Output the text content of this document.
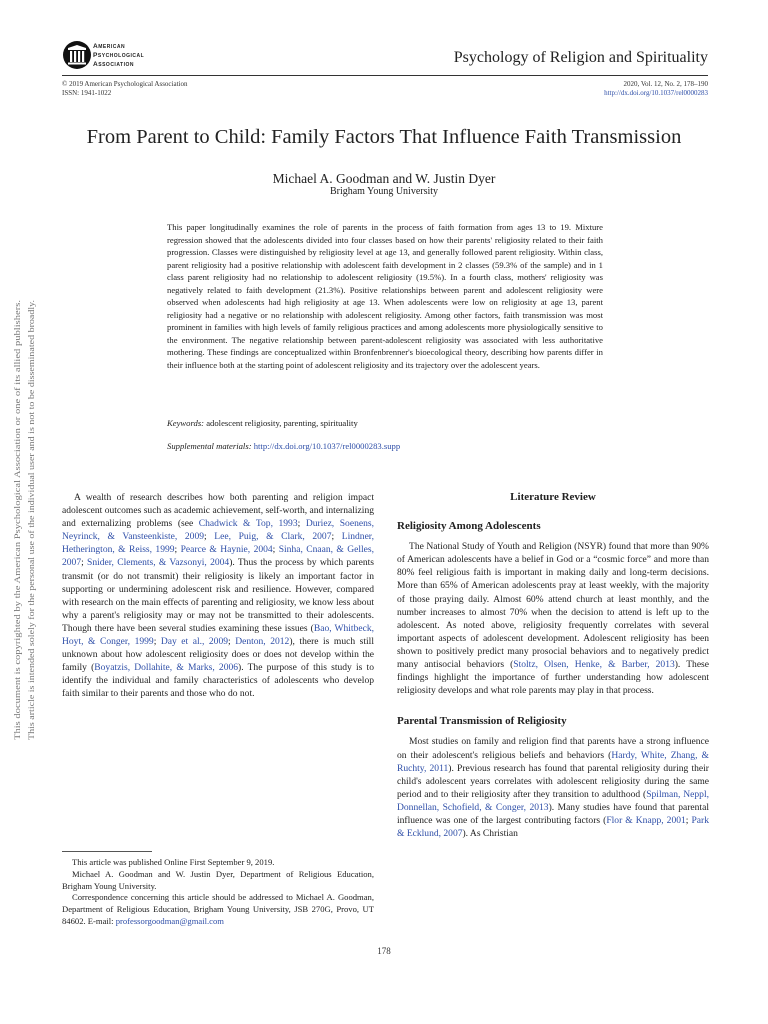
American
Psychological
Association	Psychology of Religion and Spirituality
© 2019 American Psychological Association
ISSN: 1941-1022
2020, Vol. 12, No. 2, 178–190
http://dx.doi.org/10.1037/rel0000283
From Parent to Child: Family Factors That Influence Faith Transmission
Michael A. Goodman and W. Justin Dyer
Brigham Young University
This paper longitudinally examines the role of parents in the process of faith formation from ages 13 to 19. Mixture regression showed that the adolescents divided into four classes based on how their parents' religiosity related to their faith progression. Classes were distinguished by religiosity level at age 13, and generally followed parent religiosity. Within class, parent religiosity had a positive relationship with adolescent faith development in 2 classes (59.3% of the sample) and in 1 class parent religiosity had no relationship to adolescent religiosity (19.5%). In a fourth class, mothers' religiosity was negatively related to faith development (21.3%). Positive relationships between parent and adolescent religiosity were observed when adolescents had high religiosity at age 13. When adolescents were low on religiosity at age 13, parent religiosity had a negative or no relationship with adolescent religiosity. Among other factors, faith transmission was most prominent in families with high levels of family religious practices and among adolescents more physiologically sensitive to the environment. The negative relationship between parent-adolescent religiosity was associated with less authoritative mothering. These findings are conceptualized within Bronfenbrenner's bioecological theory, describing how parents differ in their influence both at the starting point of adolescent religiosity and its trajectory over the adolescent years.
Keywords: adolescent religiosity, parenting, spirituality
Supplemental materials: http://dx.doi.org/10.1037/rel0000283.supp
This document is copyrighted by the American Psychological Association or one of its allied publishers. This article is intended solely for the personal use of the individual user and is not to be disseminated broadly.	A wealth of research describes how both parenting and religion impact adolescent outcomes such as academic achievement, self-worth, and internalizing and externalizing problems (see Chadwick & Top, 1993; Duriez, Soenens, Neyrinck, & Vansteenkiste, 2009; Lee, Puig, & Clark, 2007; Lindner, Hetherington, & Reiss, 1999; Pearce & Haynie, 2004; Sinha, Cnaan, & Gelles, 2007; Snider, Clements, & Vazsonyi, 2004). Thus the process by which parents transmit (or do not transmit) their religiosity is likely an important factor in supporting or undermining adolescent risk and resilience. However, compared with research on the main effects of parenting and religiosity, we know less about why a parent's religiosity may or may not be transmitted to their adolescents. Though there have been several studies examining these issues (Bao, Whitbeck, Hoyt, & Conger, 1999; Day et al., 2009; Denton, 2012), there is much still unknown about how adolescent religiosity does or does not develop within the family (Boyatzis, Dollahite, & Marks, 2006). The purpose of this study is to identify the individual and family characteristics of adolescents who develop faith similar to their parents and those who do not.

Literature Review
Religiosity Among Adolescents

The National Study of Youth and Religion (NSYR) found that more than 90% of American adolescents have a belief in God or a “cosmic force” and more than 80% feel religious faith is important in making daily and long-term decisions. More than 65% of American adolescents pray at least weekly, with the majority of those praying daily. Almost 60% attend church at least monthly, and the number increases to almost 70% when the decision to attend is left up to the adolescent. As noted above, religiosity frequently correlates with several important aspects of adolescent development. Adolescent religiosity has been shown to positively predict many prosocial behaviors and to negatively predict many antisocial behaviors (Stoltz, Olsen, Henke, & Barber, 2013). These findings highlight the importance of further understanding how adolescent religiosity develops and what role parents may play in that process.

Parental Transmission of Religiosity

Most studies on family and religion find that parents have a strong influence on their adolescent's religious beliefs and behaviors (Hardy, White, Zhang, & Ruchty, 2011). Previous research has found that parental religiosity during their child's adolescent years correlates with adolescent religiosity during the same period and to their religiosity after they transition to adulthood (Spilman, Neppl, Donnellan, Schofield, & Conger, 2013). Many studies have found that parental influence was one of the largest contributing factors (Flor & Knapp, 2001; Park & Ecklund, 2007). As Christian

This article was published Online First September 9, 2019.

Michael A. Goodman and W. Justin Dyer, Department of Religious Education, Brigham Young University.

Correspondence concerning this article should be addressed to Michael A. Goodman, Department of Religious Education, Brigham Young University, JSB 270G, Provo, UT 84602. E-mail: professorgoodman@gmail.com

178
